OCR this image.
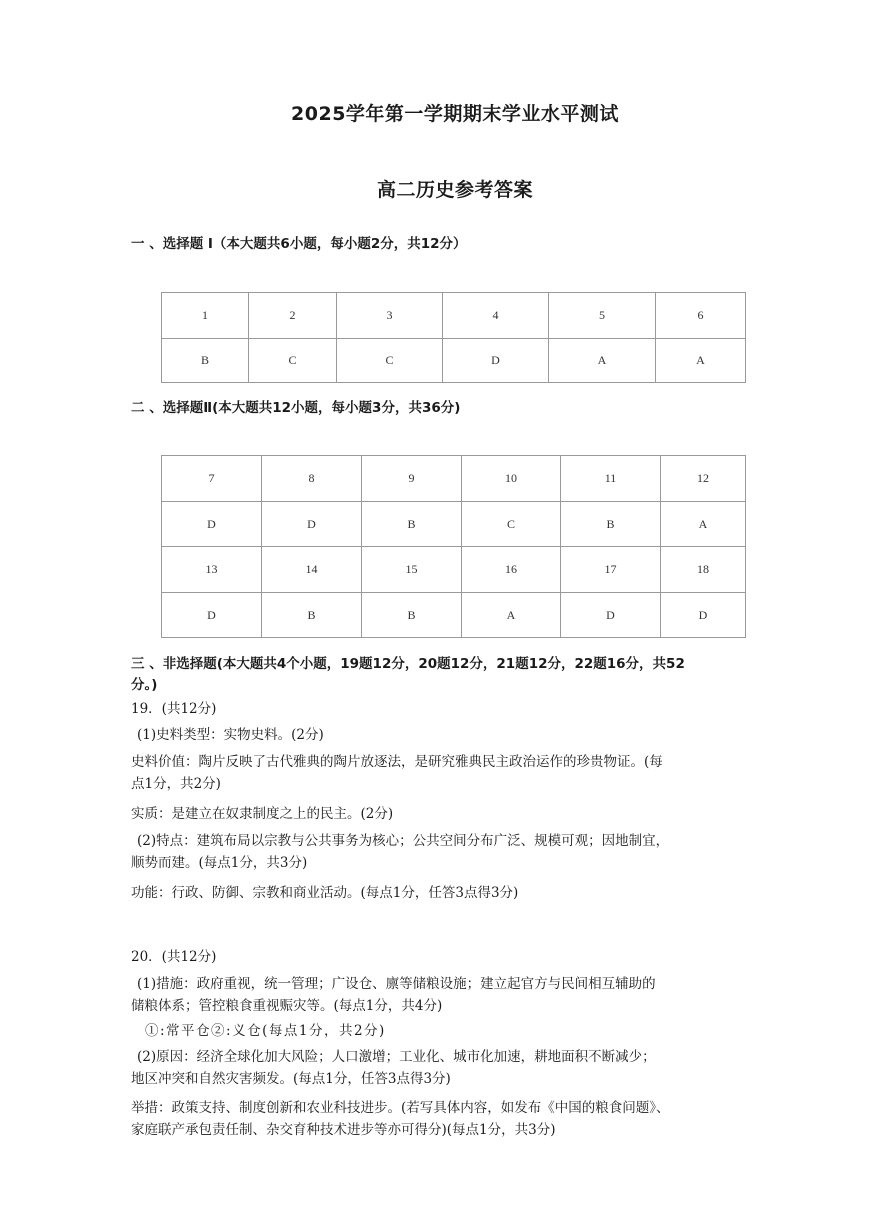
2025学年第一学期期末学业水平测试
高二历史参考答案
一 、选择题 Ⅰ（本大题共6小题，每小题2分，共12分）
1	2	3	4	5	6
B	C	C	D	A	A
二 、选择题Ⅱ(本大题共12小题，每小题3分，共36分)
7	8	9	10	11	12
D	D	B	C	B	A
13	14	15	16	17	18
D	B	B	A	D	D
三 、非选择题(本大题共4个小题，19题12分，20题12分，21题12分，22题16分，共52
分。)
19．(共12分)
(1)史料类型：实物史料。(2分)
史料价值：陶片反映了古代雅典的陶片放逐法，是研究雅典民主政治运作的珍贵物证。(每
点1分，共2分)
实质：是建立在奴隶制度之上的民主。(2分)
(2)特点：建筑布局以宗教与公共事务为核心；公共空间分布广泛、规模可观；因地制宜，
顺势而建。(每点1分，共3分)
功能：行政、防御、宗教和商业活动。(每点1分，任答3点得3分)
20．(共12分)
(1)措施：政府重视，统一管理；广设仓、廪等储粮设施；建立起官方与民间相互辅助的
储粮体系；管控粮食重视赈灾等。(每点1分，共4分)
①:常平仓②:义仓(每点1分，共2分)
(2)原因：经济全球化加大风险；人口激增；工业化、城市化加速，耕地面积不断减少；
地区冲突和自然灾害频发。(每点1分，任答3点得3分)
举措：政策支持、制度创新和农业科技进步。(若写具体内容，如发布《中国的粮食问题》、
家庭联产承包责任制、杂交育种技术进步等亦可得分)(每点1分，共3分)
